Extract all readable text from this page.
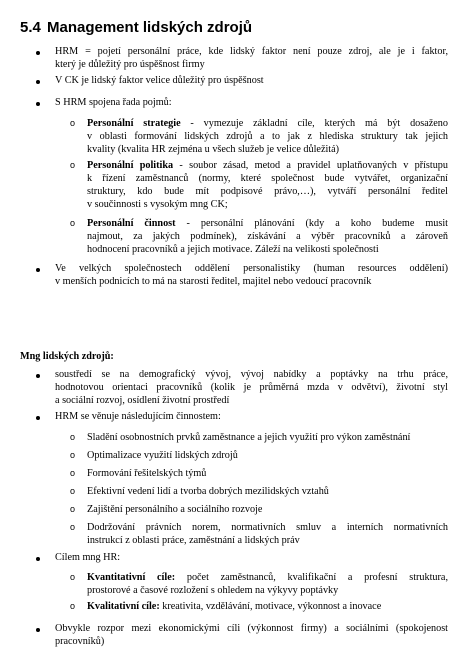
5.4 Management lidských zdrojů
HRM = pojetí personální práce, kde lidský faktor není pouze zdroj, ale je i faktor,
který je důležitý pro úspěšnost firmy
V CK je lidský faktor velice důležitý pro úspěšnost
S HRM spojena řada pojmů:
o Personální strategie - vymezuje základní cíle, kterých má být dosaženo
v oblasti formování lidských zdrojů a to jak z hlediska struktury tak jejich
kvality (kvalita HR zejména u všech služeb je velice důležitá)
o Personální politika - soubor zásad, metod a pravidel uplatňovaných v přístupu
k řízení zaměstnanců (normy, které společnost bude vytvářet, organizační
struktury, kdo bude mít podpisové právo,…), vytváří personální ředitel
v součinnosti s vysokým mng CK;
o Personální činnost - personální plánování (kdy a koho budeme musit
najmout, za jakých podmínek), získávání a výběr pracovníků a zároveň
hodnocení pracovníků a jejich motivace. Záleží na velikosti společnosti
Ve velkých společnostech oddělení personalistiky (human resources oddělení)
v menších podnicích to má na starosti ředitel, majitel nebo vedoucí pracovník
Mng lidských zdrojů:
soustředí se na demografický vývoj, vývoj nabídky a poptávky na trhu práce,
hodnotovou orientaci pracovníků (kolik je průměrná mzda v odvětví), životní styl
a sociální rozvoj, osídlení životní prostředí
HRM se věnuje následujícím činnostem:
o Sladění osobnostních prvků zaměstnance a jejich využití pro výkon zaměstnání
o Optimalizace využití lidských zdrojů
o Formování řešitelských týmů
o Efektivní vedení lidí a tvorba dobrých mezilidských vztahů
o Zajištění personálního a sociálního rozvoje
o Dodržování právních norem, normativních smluv a interních normativních
instrukcí z oblasti práce, zaměstnání a lidských práv
Cílem mng HR:
o Kvantitativní cíle: počet zaměstnanců, kvalifikační a profesní struktura,
prostorové a časové rozložení s ohledem na výkyvy poptávky
o Kvalitativní cíle: kreativita, vzdělávání, motivace, výkonnost a inovace
Obvykle rozpor mezi ekonomickými cíli (výkonnost firmy) a sociálními (spokojenost
pracovníků)
